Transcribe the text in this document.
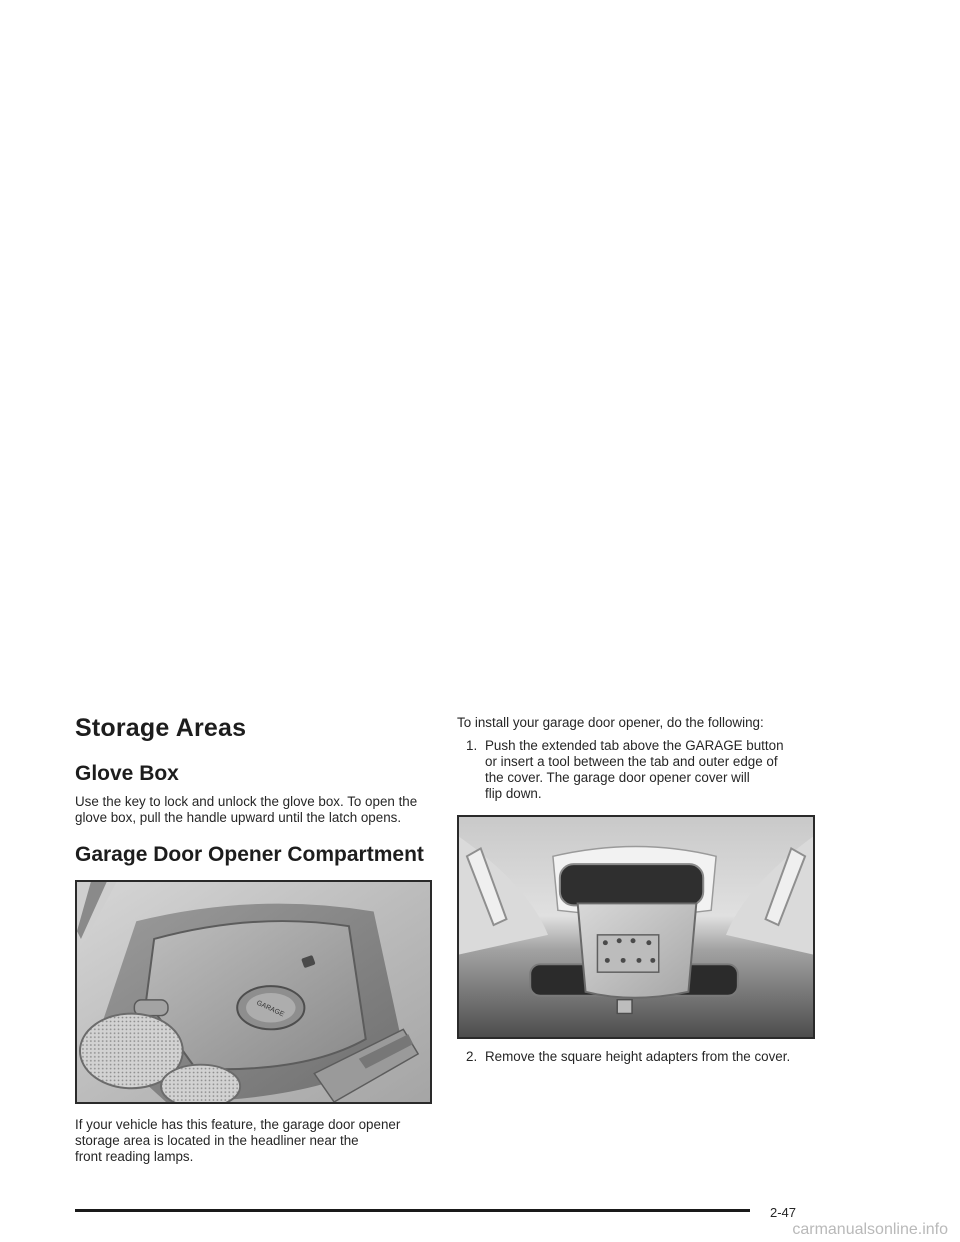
Storage Areas
Glove Box

Use the key to lock and unlock the glove box. To open the
glove box, pull the handle upward until the latch opens.

Garage Door Opener Compartment
GARAGE

If your vehicle has this feature, the garage door opener
storage area is located in the headliner near the
front reading lamps.

To install your garage door opener, do the following:

1. Push the extended tab above the GARAGE button
or insert a tool between the tab and outer edge of
the cover. The garage door opener cover will
flip down.
2. Remove the square height adapters from the cover.
2-47
carmanualsonline.info
